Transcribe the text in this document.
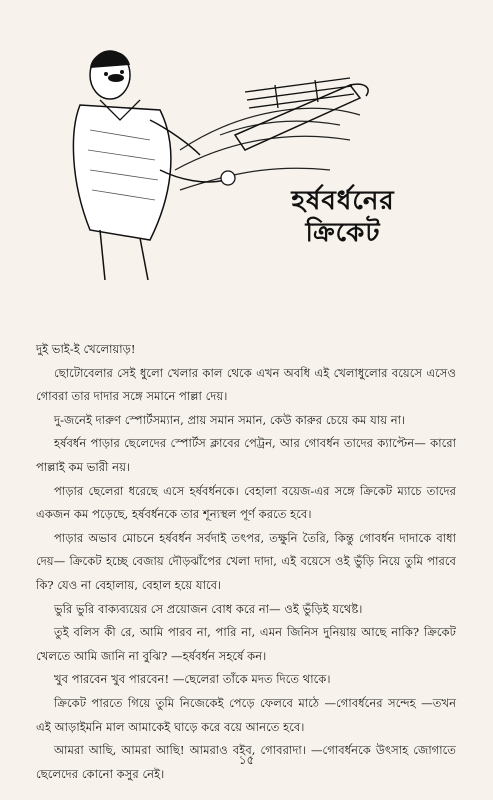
হর্ষবর্ধনের
ক্রিকেট

দুই ভাই-ই খেলোয়াড়!

ছোটোবেলার সেই ধুলো খেলার কাল থেকে এখন অবধি এই খেলাধুলোর বয়েসে এসেও গোবরা তার দাদার সঙ্গে সমানে পাল্লা দেয়।

দু-জনেই দারুণ স্পোর্টসম্যান, প্রায় সমান সমান, কেউ কারুর চেয়ে কম যায় না।

হর্ষবর্ধন পাড়ার ছেলেদের স্পোর্টস ক্লাবের পেট্রন, আর গোবর্ধন তাদের ক্যাপ্টেন— কারো পাল্লাই কম ভারী নয়।

পাড়ার ছেলেরা ধরেছে এসে হর্ষবর্ধনকে। বেহালা বয়েজ-এর সঙ্গে ক্রিকেট ম্যাচে তাদের একজন কম পড়েছে, হর্ষবর্ধনকে তার শূন্যস্থল পূর্ণ করতে হবে।

পাড়ার অভাব মোচনে হর্ষবর্ধন সর্বদাই তৎপর, তক্ষুনি তৈরি, কিন্তু গোবর্ধন দাদাকে বাধা দেয়— ক্রিকেট হচ্ছে বেজায় দৌড়ঝাঁপের খেলা দাদা, এই বয়েসে ওই ভুঁড়ি নিয়ে তুমি পারবে কি? যেও না বেহালায়, বেহাল হয়ে যাবে।

ভুরি ভুরি বাক্যব্যয়ের সে প্রয়োজন বোধ করে না— ওই ভুঁড়িই যথেষ্ট।

তুই বলিস কী রে, আমি পারব না, পারি না, এমন জিনিস দুনিয়ায় আছে নাকি? ক্রিকেট খেলতে আমি জানি না বুঝি? —হর্ষবর্ধন সহর্ষে কন।

খুব পারবেন খুব পারবেন! —ছেলেরা তাঁকে মদত দিতে থাকে।

ক্রিকেট পারতে গিয়ে তুমি নিজেকেই পেড়ে ফেলবে মাঠে —গোবর্ধনের সন্দেহ —তখন এই আড়াইমনি মাল আমাকেই ঘাড়ে করে বয়ে আনতে হবে।

আমরা আছি, আমরা আছি! আমরাও বইব, গোবরাদা। —গোবর্ধনকে উৎসাহ জোগাতে ছেলেদের কোনো কসুর নেই।

১৫
